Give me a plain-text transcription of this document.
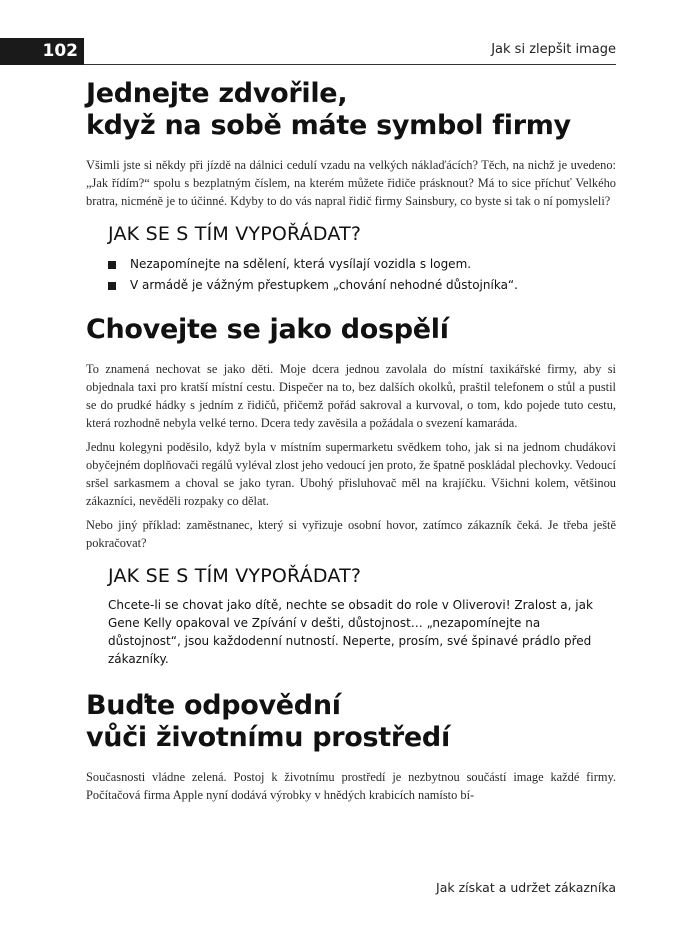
102	Jak si zlepšit image
Jednejte zdvořile,
když na sobě máte symbol firmy

Všimli jste si někdy při jízdě na dálnici cedulí vzadu na velkých náklaďácích? Těch, na nichž je uvedeno: „Jak řídím?“ spolu s bezplatným číslem, na kterém můžete řidiče prásknout? Má to sice příchuť Velkého bratra, nicméně je to účinné. Kdyby to do vás napral řidič firmy Sainsbury, co byste si tak o ní pomysleli?

JAK SE S TÍM VYPOŘÁDAT?
Nezapomínejte na sdělení, která vysílají vozidla s logem.
V armádě je vážným přestupkem „chování nehodné důstojníka“.
Chovejte se jako dospělí

To znamená nechovat se jako děti. Moje dcera jednou zavolala do místní taxikářské firmy, aby si objednala taxi pro kratší místní cestu. Dispečer na to, bez dalších okolků, praštil telefonem o stůl a pustil se do prudké hádky s jedním z řidičů, přičemž pořád sakroval a kurvoval, o tom, kdo pojede tuto cestu, která rozhodně nebyla velké terno. Dcera tedy zavěsila a požádala o svezení kamaráda.

Jednu kolegyni poděsilo, když byla v místním supermarketu svědkem toho, jak si na jednom chudákovi obyčejném doplňovači regálů vyléval zlost jeho vedoucí jen proto, že špatně poskládal plechovky. Vedoucí sršel sarkasmem a choval se jako tyran. Ubohý přisluhovač měl na krajíčku. Všichni kolem, většinou zákazníci, nevěděli rozpaky co dělat.

Nebo jiný příklad: zaměstnanec, který si vyřizuje osobní hovor, zatímco zákazník čeká. Je třeba ještě pokračovat?

JAK SE S TÍM VYPOŘÁDAT?

Chcete-li se chovat jako dítě, nechte se obsadit do role v Oliverovi! Zralost a, jak Gene Kelly opakoval ve Zpívání v dešti, důstojnost… „nezapomínejte na důstojnost“, jsou každodenní nutností. Neperte, prosím, své špinavé prádlo před zákazníky.

Buďte odpovědní
vůči životnímu prostředí

Současnosti vládne zelená. Postoj k životnímu prostředí je nezbytnou součástí image každé firmy. Počítačová firma Apple nyní dodává výrobky v hnědých krabicích namísto bí-

Jak získat a udržet zákazníka
